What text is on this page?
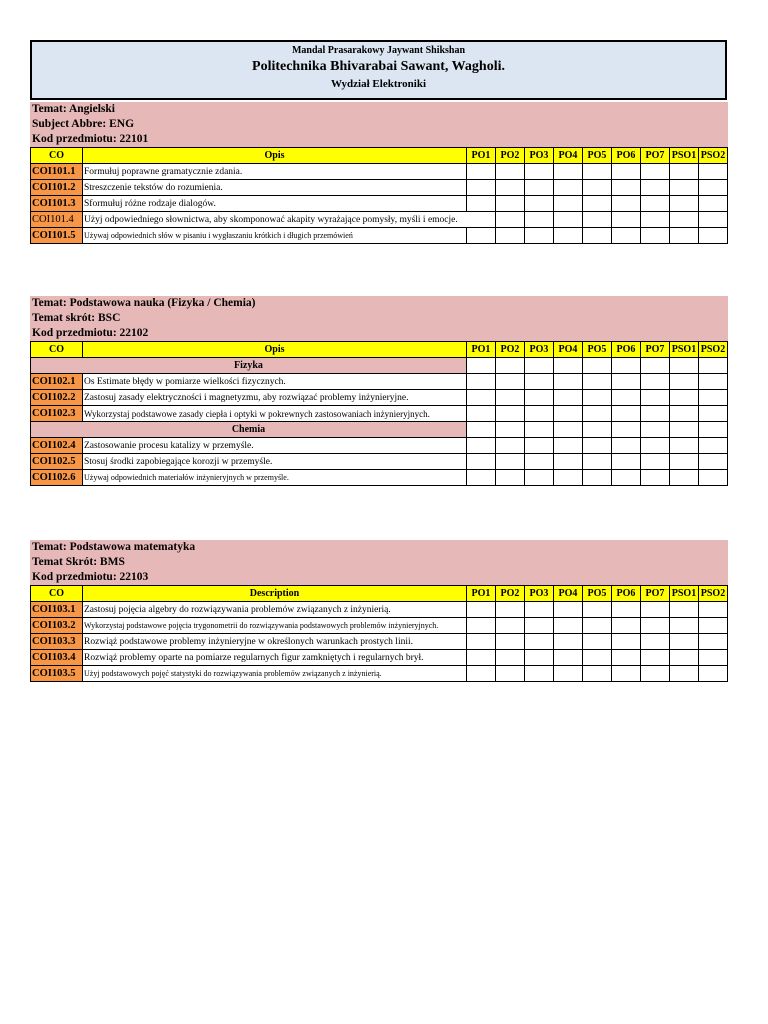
Mandal Prasarakowy Jaywant Shikshan
Politechnika Bhivarabai Sawant, Wagholi.
Wydział Elektroniki
Temat: Angielski
Subject Abbre: ENG
Kod przedmiotu: 22101
CO	Opis	PO1	PO2	PO3	PO4	PO5	PO6	PO7	PSO1	PSO2
COI101.1	Formułuj poprawne gramatycznie zdania.									
COI101.2	Streszczenie tekstów do rozumienia.									
COI101.3	Sformułuj różne rodzaje dialogów.									
COI101.4	Użyj odpowiedniego słownictwa, aby skomponować akapity wyrażające pomysły, myśli i emocje.									
COI101.5	Używaj odpowiednich słów w pisaniu i wygłaszaniu krótkich i długich przemówień									
Temat: Podstawowa nauka (Fizyka / Chemia)
Temat skrót: BSC
Kod przedmiotu: 22102
CO	Opis	PO1	PO2	PO3	PO4	PO5	PO6	PO7	PSO1	PSO2
Fizyka										
COI102.1	Os Estimate błędy w pomiarze wielkości fizycznych.									
COI102.2	Zastosuj zasady elektryczności i magnetyzmu, aby rozwiązać problemy inżynieryjne.									
COI102.3	Wykorzystaj podstawowe zasady ciepła i optyki w pokrewnych zastosowaniach inżynieryjnych.									
Chemia										
COI102.4	Zastosowanie procesu katalizy w przemyśle.									
COI102.5	Stosuj środki zapobiegające korozji w przemyśle.									
COI102.6	Używaj odpowiednich materiałów inżynieryjnych w przemyśle.									
Temat: Podstawowa matematyka
Temat Skrót: BMS
Kod przedmiotu: 22103
CO	Description	PO1	PO2	PO3	PO4	PO5	PO6	PO7	PSO1	PSO2
COI103.1	Zastosuj pojęcia algebry do rozwiązywania problemów związanych z inżynierią.									
COI103.2	Wykorzystaj podstawowe pojęcia trygonometrii do rozwiązywania podstawowych problemów inżynieryjnych.									
COI103.3	Rozwiąż podstawowe problemy inżynieryjne w określonych warunkach prostych linii.									
COI103.4	Rozwiąż problemy oparte na pomiarze regularnych figur zamkniętych i regularnych brył.									
COI103.5	Użyj podstawowych pojęć statystyki do rozwiązywania problemów związanych z inżynierią.									
